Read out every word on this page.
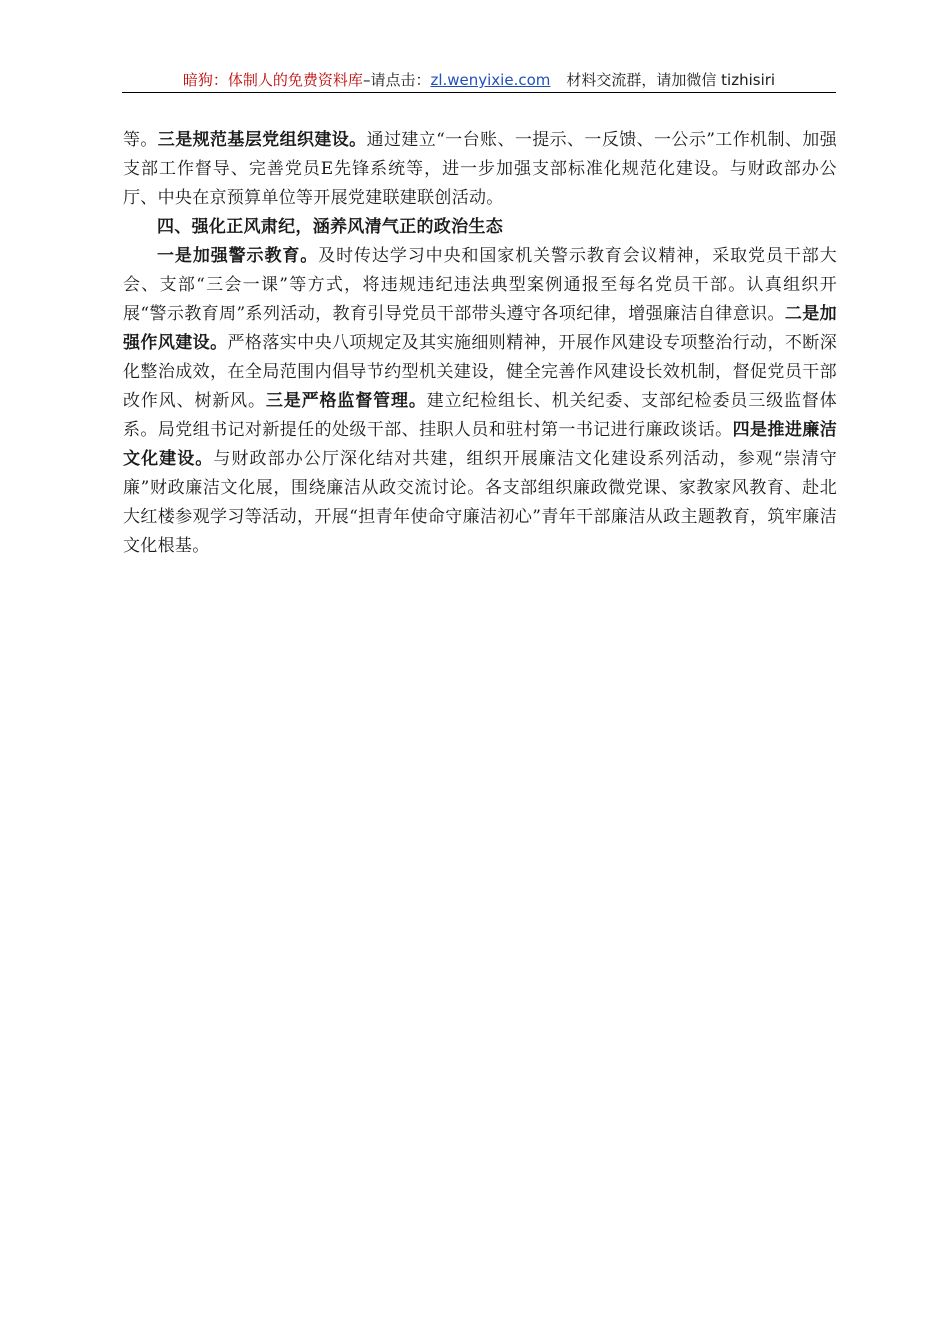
暗狗：体制人的免费资料库–请点击：zl.wenyixie.com 材料交流群，请加微信 tizhisiri

等。三是规范基层党组织建设。通过建立“一台账、一提示、一反馈、一公示”工作机制、加强支部工作督导、完善党员E先锋系统等，进一步加强支部标准化规范化建设。与财政部办公厅、中央在京预算单位等开展党建联建联创活动。

四、强化正风肃纪，涵养风清气正的政治生态

一是加强警示教育。及时传达学习中央和国家机关警示教育会议精神，采取党员干部大会、支部“三会一课”等方式，将违规违纪违法典型案例通报至每名党员干部。认真组织开展“警示教育周”系列活动，教育引导党员干部带头遵守各项纪律，增强廉洁自律意识。二是加强作风建设。严格落实中央八项规定及其实施细则精神，开展作风建设专项整治行动，不断深化整治成效，在全局范围内倡导节约型机关建设，健全完善作风建设长效机制，督促党员干部改作风、树新风。三是严格监督管理。建立纪检组长、机关纪委、支部纪检委员三级监督体系。局党组书记对新提任的处级干部、挂职人员和驻村第一书记进行廉政谈话。四是推进廉洁文化建设。与财政部办公厅深化结对共建，组织开展廉洁文化建设系列活动，参观“崇清守廉”财政廉洁文化展，围绕廉洁从政交流讨论。各支部组织廉政微党课、家教家风教育、赴北大红楼参观学习等活动，开展“担青年使命守廉洁初心”青年干部廉洁从政主题教育，筑牢廉洁文化根基。
